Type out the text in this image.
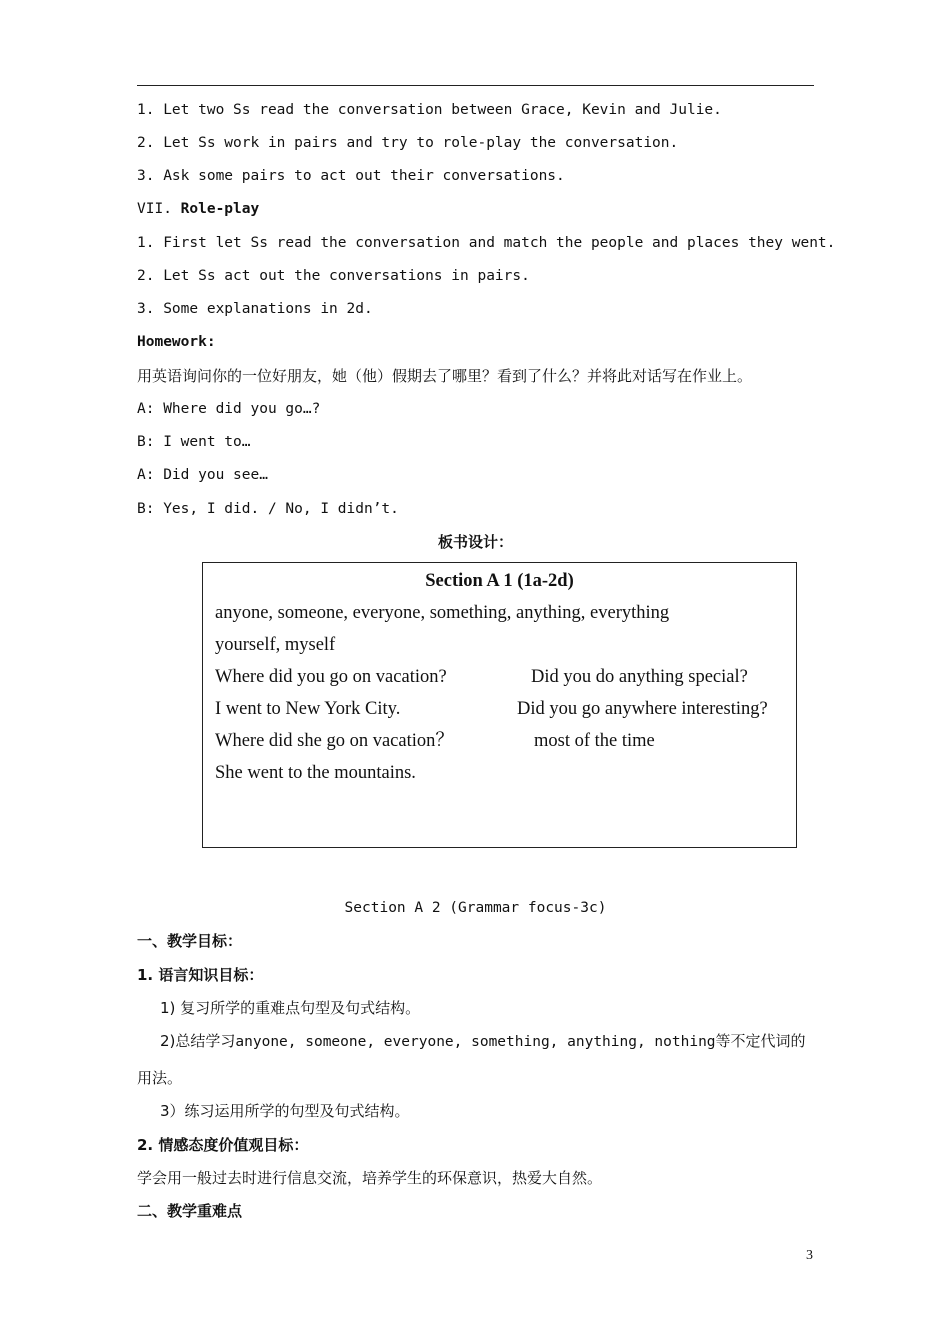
1. Let two Ss read the conversation between Grace, Kevin and Julie.
2. Let Ss work in pairs and try to role-play the conversation.
3. Ask some pairs to act out their conversations.
VII. Role-play
1. First let Ss read the conversation and match the people and places they went.
2. Let Ss act out the conversations in pairs.
3. Some explanations in 2d.
Homework:
用英语询问你的一位好朋友，她（他）假期去了哪里？看到了什么？并将此对话写在作业上。
A: Where did you go…?
B: I went to…
A: Did you see…
B: Yes, I did. / No, I didn’t.
板书设计：
Section A 1 (1a-2d)
anyone, someone, everyone, something, anything, everything
yourself, myself
Where did you go on vacation?	Did you do anything special?
I went to New York City.	Did you go anywhere interesting?
Where did she go on vacation？	most of the time
She went to the mountains.
Section A 2 (Grammar focus-3c)
一、教学目标：
1. 语言知识目标：
1) 复习所学的重难点句型及句式结构。
2)总结学习anyone, someone, everyone, something, anything, nothing等不定代词的
用法。
3）练习运用所学的句型及句式结构。
2. 情感态度价值观目标：
学会用一般过去时进行信息交流，培养学生的环保意识，热爱大自然。
二、教学重难点
3
